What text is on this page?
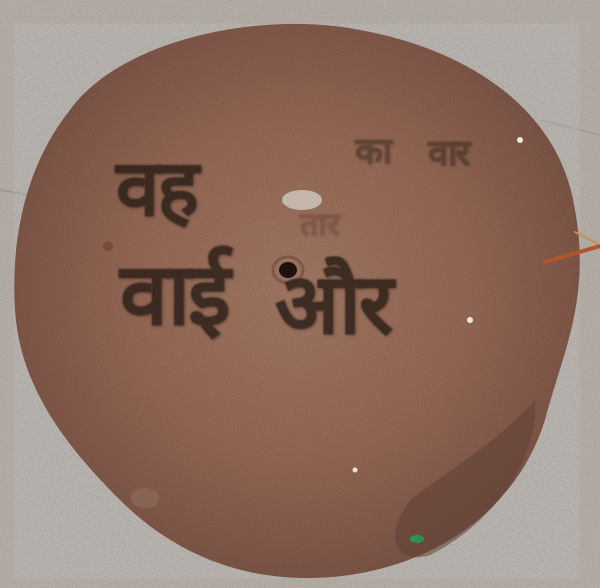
वह
वाई और
का वार
तार
